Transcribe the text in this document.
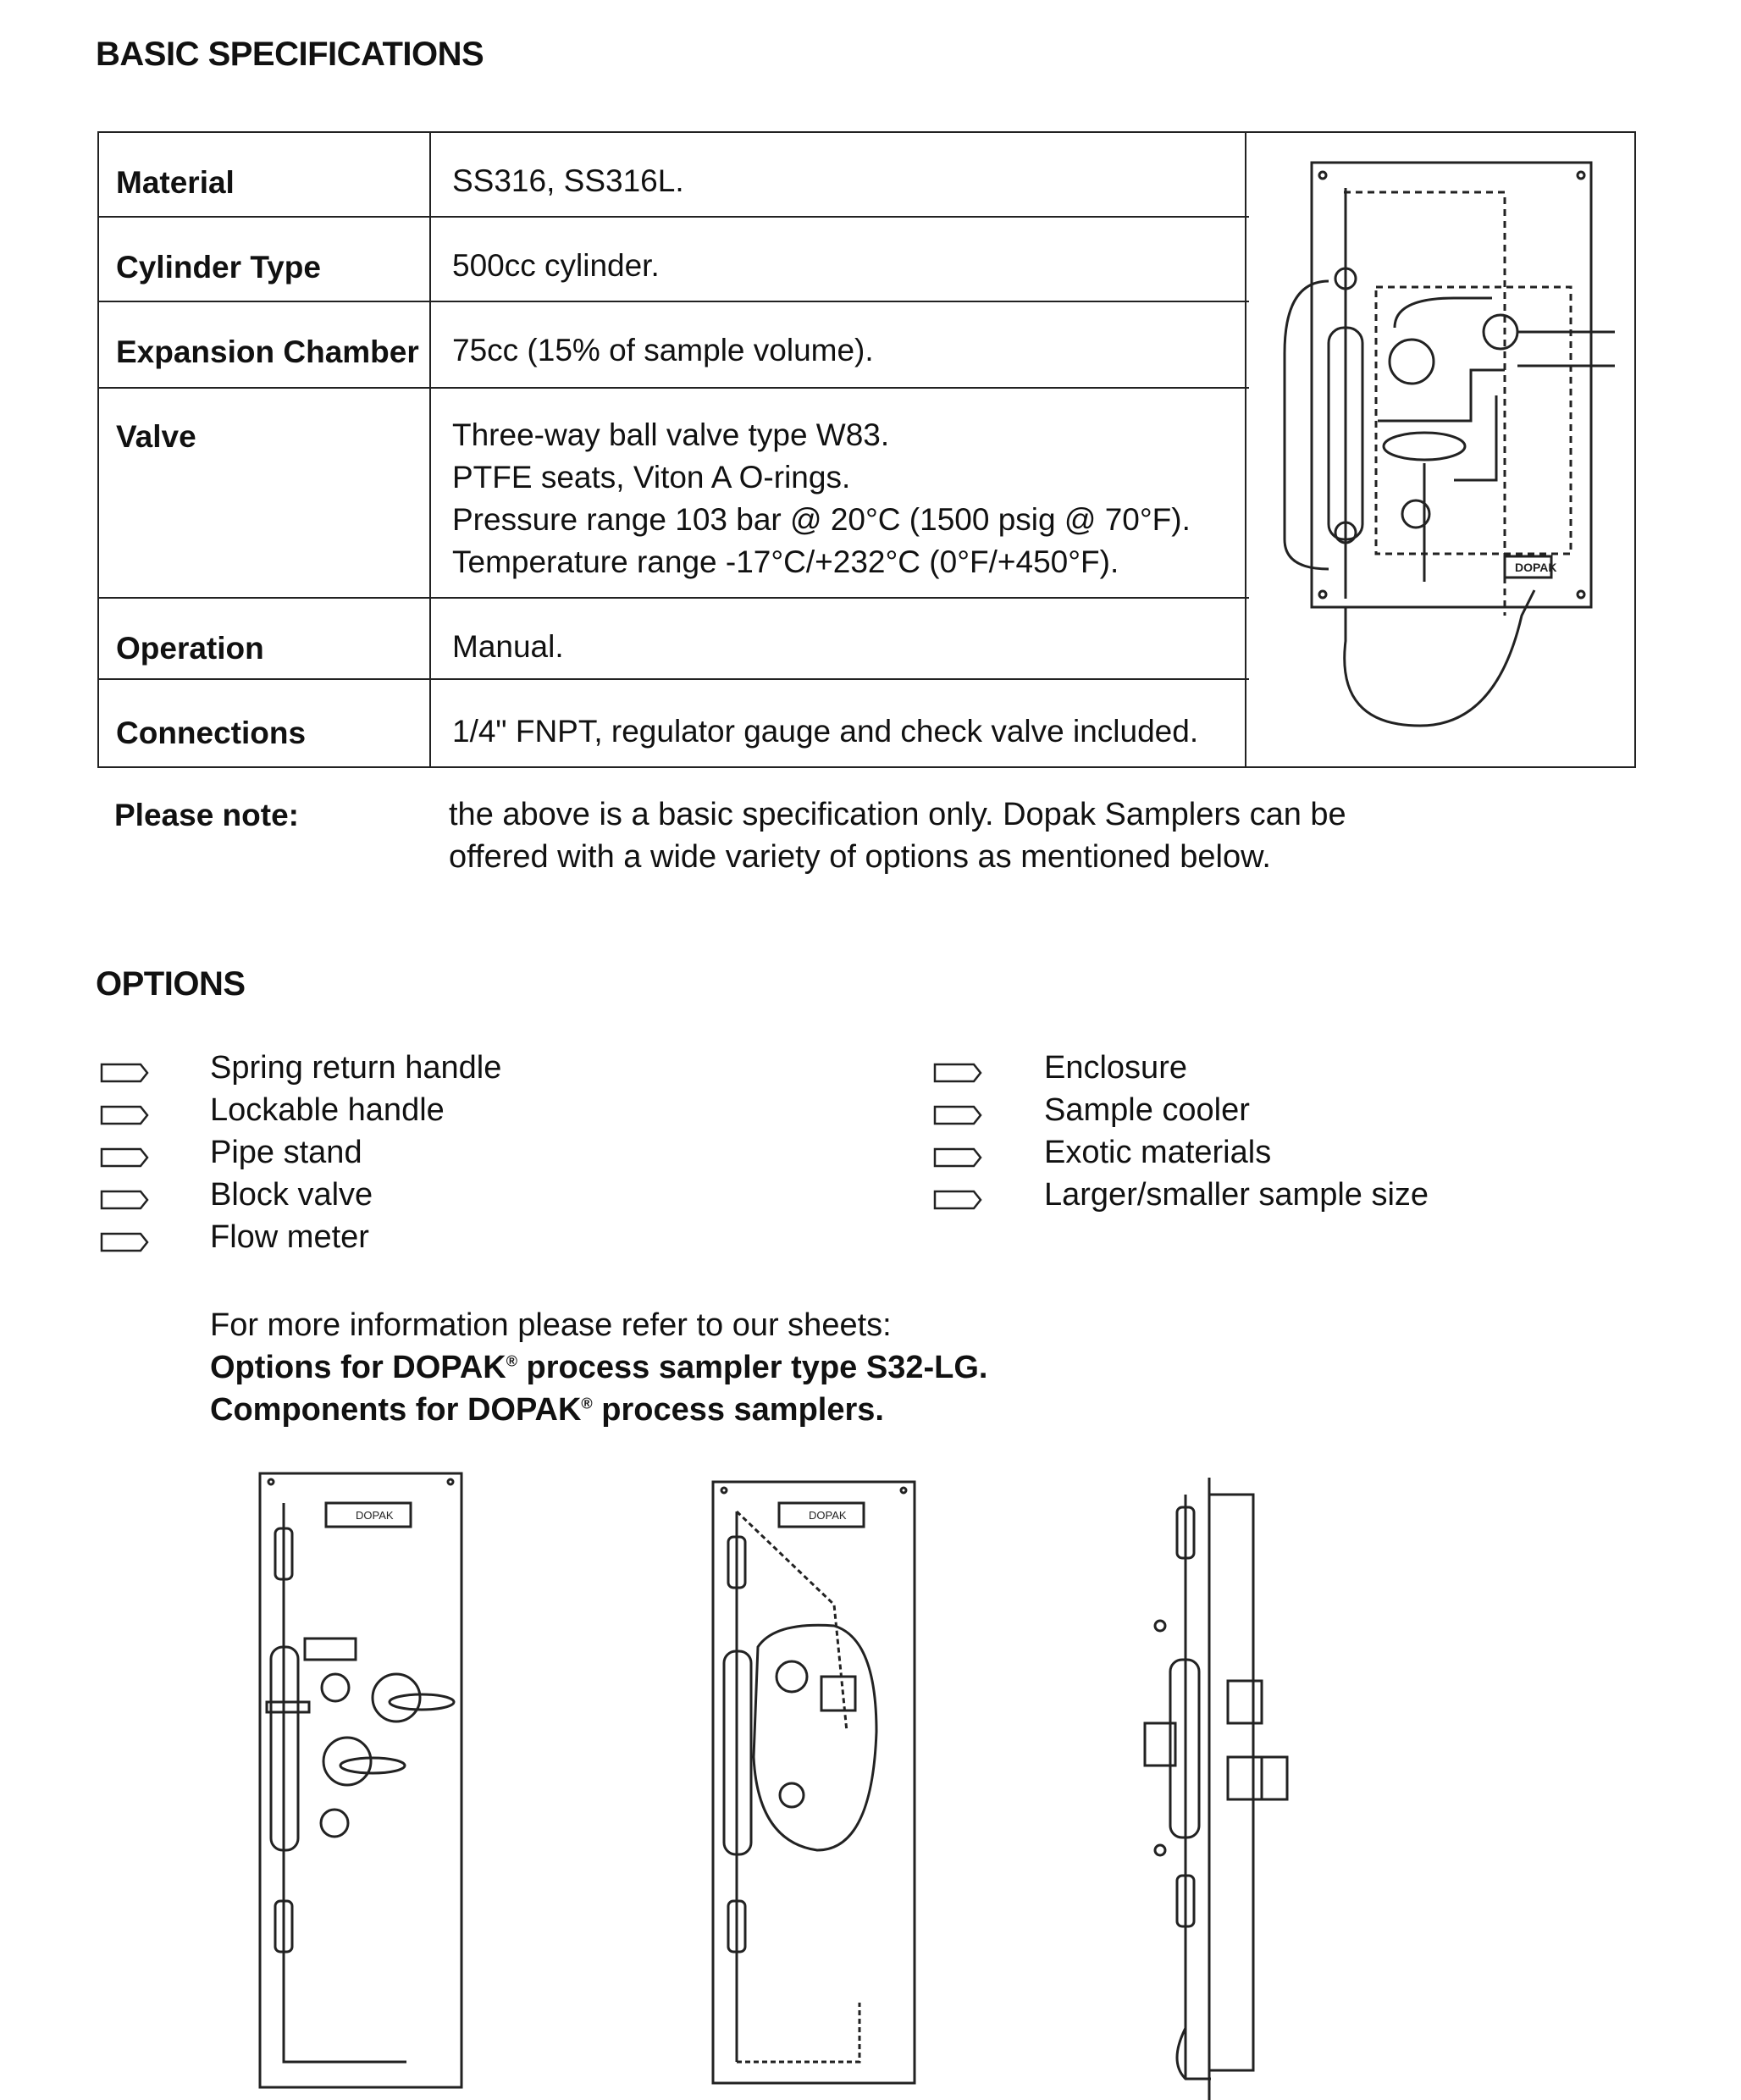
BASIC SPECIFICATIONS
Material	SS316, SS316L.
Cylinder Type	500cc cylinder.
Expansion Chamber 75cc (15% of sample volume).
Valve	Three-way ball valve type W83.
PTFE seats, Viton A O-rings.
Pressure range 103 bar @ 20°C (1500 psig @ 70°F).
Temperature range -17°C/+232°C (0°F/+450°F).
Operation	Manual.
Connections	1/4" FNPT, regulator gauge and check valve included.
DOPAK
Please note:	the above is a basic specification only. Dopak Samplers can be
offered with a wide variety of options as mentioned below.
OPTIONS
Spring return handle
Lockable handle
Pipe stand
Block valve
Flow meter
Enclosure
Sample cooler
Exotic materials
Larger/smaller sample size
For more information please refer to our sheets:
Options for DOPAK® process sampler type S32-LG.
Components for DOPAK® process samplers.
DOPAK	DOPAK
